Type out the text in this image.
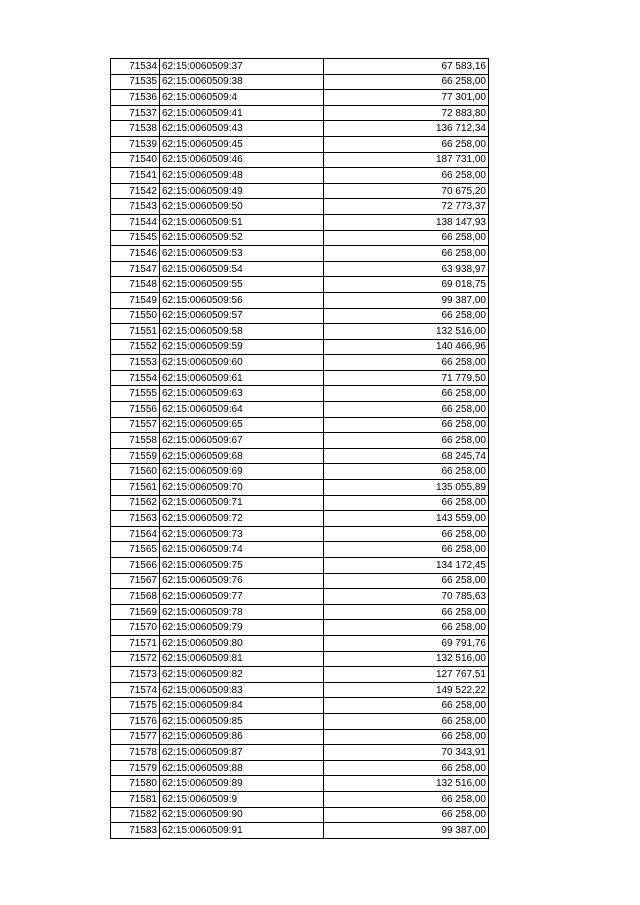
71534	62:15:0060509:37	67 583,16
71535	62:15:0060509:38	66 258,00
71536	62:15:0060509:4	77 301,00
71537	62:15:0060509:41	72 883,80
71538	62:15:0060509:43	136 712,34
71539	62:15:0060509:45	66 258,00
71540	62:15:0060509:46	187 731,00
71541	62:15:0060509:48	66 258,00
71542	62:15:0060509:49	70 675,20
71543	62:15:0060509:50	72 773,37
71544	62:15:0060509:51	138 147,93
71545	62:15:0060509:52	66 258,00
71546	62:15:0060509:53	66 258,00
71547	62:15:0060509:54	63 938,97
71548	62:15:0060509:55	69 018,75
71549	62:15:0060509:56	99 387,00
71550	62:15:0060509:57	66 258,00
71551	62:15:0060509:58	132 516,00
71552	62:15:0060509:59	140 466,96
71553	62:15:0060509:60	66 258,00
71554	62:15:0060509:61	71 779,50
71555	62:15:0060509:63	66 258,00
71556	62:15:0060509:64	66 258,00
71557	62:15:0060509:65	66 258,00
71558	62:15:0060509:67	66 258,00
71559	62:15:0060509:68	68 245,74
71560	62:15:0060509:69	66 258,00
71561	62:15:0060509:70	135 055,89
71562	62:15:0060509:71	66 258,00
71563	62:15:0060509:72	143 559,00
71564	62:15:0060509:73	66 258,00
71565	62:15:0060509:74	66 258,00
71566	62:15:0060509:75	134 172,45
71567	62:15:0060509:76	66 258,00
71568	62:15:0060509:77	70 785,63
71569	62:15:0060509:78	66 258,00
71570	62:15:0060509:79	66 258,00
71571	62:15:0060509:80	69 791,76
71572	62:15:0060509:81	132 516,00
71573	62:15:0060509:82	127 767,51
71574	62:15:0060509:83	149 522,22
71575	62:15:0060509:84	66 258,00
71576	62:15:0060509:85	66 258,00
71577	62:15:0060509:86	66 258,00
71578	62:15:0060509:87	70 343,91
71579	62:15:0060509:88	66 258,00
71580	62:15:0060509:89	132 516,00
71581	62:15:0060509:9	66 258,00
71582	62:15:0060509:90	66 258,00
71583	62:15:0060509:91	99 387,00
